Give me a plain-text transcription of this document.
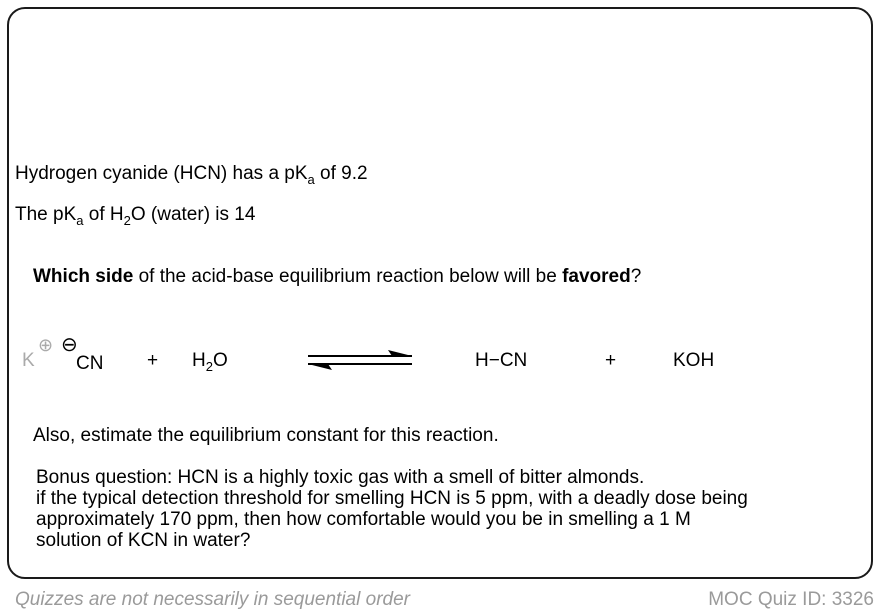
Hydrogen cyanide (HCN) has a $pK_a$ of 9.2
The $pK_a$ of $H_2O$ (water) is 14
Which side of the acid-base equilibrium reaction below will be favored?
K
⊕ ⊖
CN + $H_2O$	H−CN	+	KOH
Also, estimate the equilibrium constant for this reaction.
Bonus question: HCN is a highly toxic gas with a smell of bitter almonds.
if the typical detection threshold for smelling HCN is 5 ppm, with a deadly dose being
approximately 170 ppm, then how comfortable would you be in smelling a 1 M
solution of KCN in water?
Quizzes are not necessarily in sequential order	MOC Quiz ID: 3326
